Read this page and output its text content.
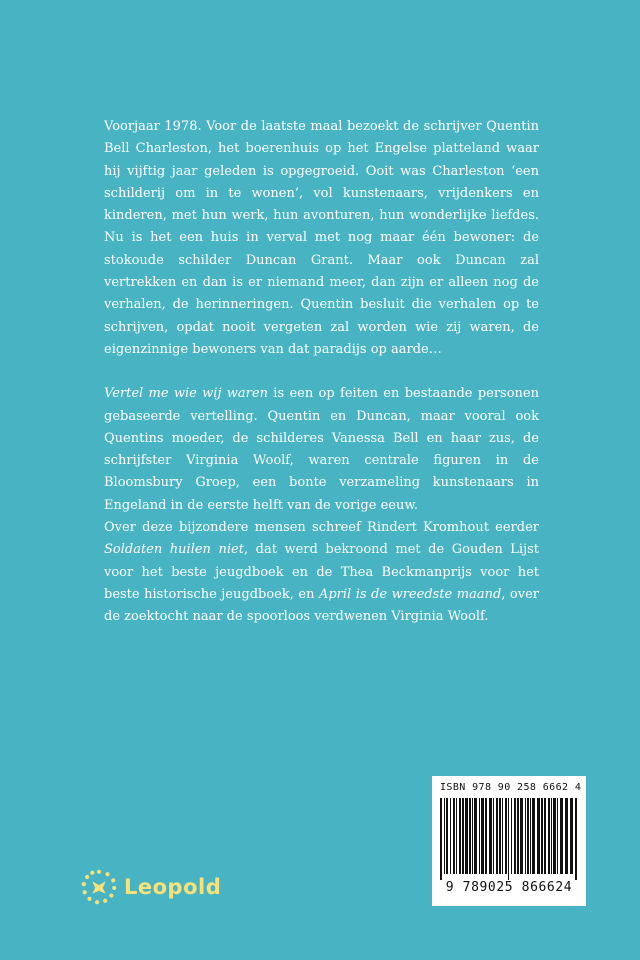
Voorjaar 1978. Voor de laatste maal bezoekt de schrijver Quentin Bell Charleston, het boerenhuis op het Engelse platteland waar hij vijftig jaar geleden is opgegroeid. Ooit was Charleston ‘een schilderij om in te wonen’, vol kunstenaars, vrijdenkers en kinderen, met hun werk, hun avonturen, hun wonderlijke liefdes. Nu is het een huis in verval met nog maar één bewoner: de stokoude schilder Duncan Grant. Maar ook Duncan zal vertrekken en dan is er niemand meer, dan zijn er alleen nog de verhalen, de herinneringen. Quentin besluit die verhalen op te schrijven, opdat nooit vergeten zal worden wie zij waren, de eigenzinnige bewoners van dat paradijs op aarde…

Vertel me wie wij waren is een op feiten en bestaande personen gebaseerde vertelling. Quentin en Duncan, maar vooral ook Quentins moeder, de schilderes Vanessa Bell en haar zus, de schrijfster Virginia Woolf, waren centrale figuren in de Bloomsbury Groep, een bonte verzameling kunstenaars in Engeland in de eerste helft van de vorige eeuw.

Over deze bijzondere mensen schreef Rindert Kromhout eerder Soldaten huilen niet, dat werd bekroond met de Gouden Lijst voor het beste jeugdboek en de Thea Beckmanprijs voor het beste historische jeugdboek, en April is de wreedste maand, over de zoektocht naar de spoorloos verdwenen Virginia Woolf.

ISBN 978 90 258 6662 4
9 789025 866624
Leopold
